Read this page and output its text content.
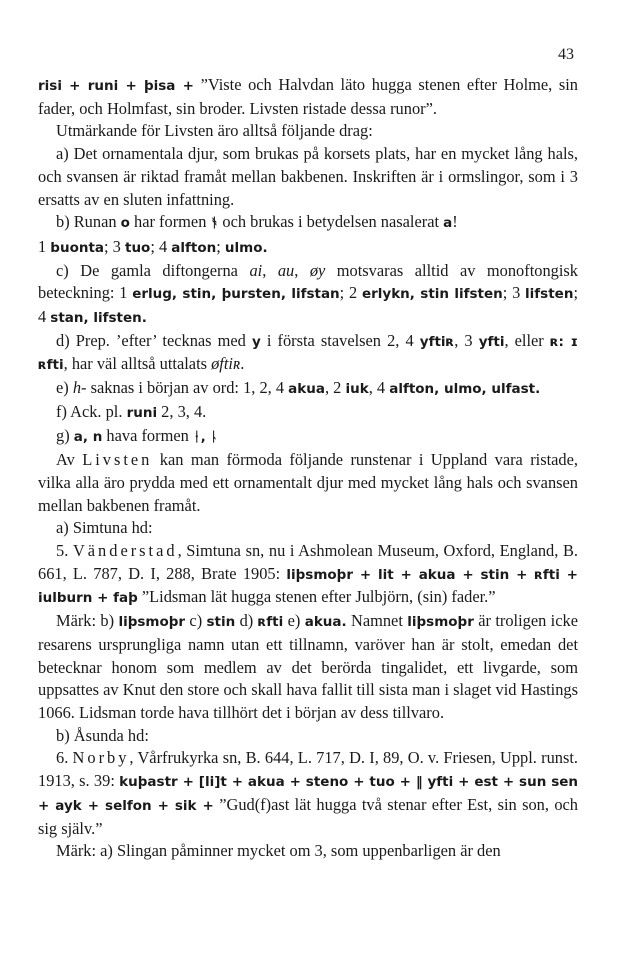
43

risi + runi + þisa + ”Viste och Halvdan läto hugga stenen efter Holme, sin fader, och Holmfast, sin broder. Livsten ristade dessa runor”.

Utmärkande för Livsten äro alltså följande drag:

a) Det ornamentala djur, som brukas på korsets plats, har en mycket lång hals, och svansen är riktad framåt mellan bakbenen. Inskriften är i ormslingor, som i 3 ersatts av en sluten infattning.

b) Runan o har formen ᚬ och brukas i betydelsen nasalerat a!
1 buonta; 3 tuo; 4 alfton; ulmo.

c) De gamla diftongerna ai, au, øy motsvaras alltid av monoftongisk beteckning: 1 erlug, stin, þursten, lifstan; 2 erlykn, stin lifsten; 3 lifsten; 4 stan, lifsten.

d) Prep. ’efter’ tecknas med y i första stavelsen 2, 4 yftiʀ, 3 yfti, eller ʀ: ɪ ʀfti, har väl alltså uttalats øftiʀ.

e) h- saknas i början av ord: 1, 2, 4 akua, 2 iuk, 4 alfton, ulmo, ulfast.

f) Ack. pl. runi 2, 3, 4.

g) a, n hava formen ᚽ, ᚿ

Av Livsten kan man förmoda följande runstenar i Uppland vara ristade, vilka alla äro prydda med ett ornamentalt djur med mycket lång hals och svansen mellan bakbenen framåt.

a) Simtuna hd:

5. Vänderstad, Simtuna sn, nu i Ashmolean Museum, Oxford, England, B. 661, L. 787, D. I, 288, Brate 1905: liþsmoþr + lit + akua + stin + ʀfti + iulburn + faþ ”Lidsman lät hugga stenen efter Julbjörn, (sin) fader.”

Märk: b) liþsmoþr c) stin d) ʀfti e) akua. Namnet liþsmoþr är troligen icke resarens ursprungliga namn utan ett tillnamn, varöver han är stolt, emedan det betecknar honom som medlem av det berörda tingalidet, ett livgarde, som uppsattes av Knut den store och skall hava fallit till sista man i slaget vid Hastings 1066. Lidsman torde hava tillhört det i början av dess tillvaro.

b) Åsunda hd:

6. Norby, Vårfrukyrka sn, B. 644, L. 717, D. I, 89, O. v. Friesen, Uppl. runst. 1913, s. 39: kuþastr + [li]t + akua + steno + tuo + ‖ yfti + est + sun sen + ayk + selfon + sik + ”Gud(f)ast lät hugga två stenar efter Est, sin son, och sig själv.”

Märk: a) Slingan påminner mycket om 3, som uppenbarligen är den
